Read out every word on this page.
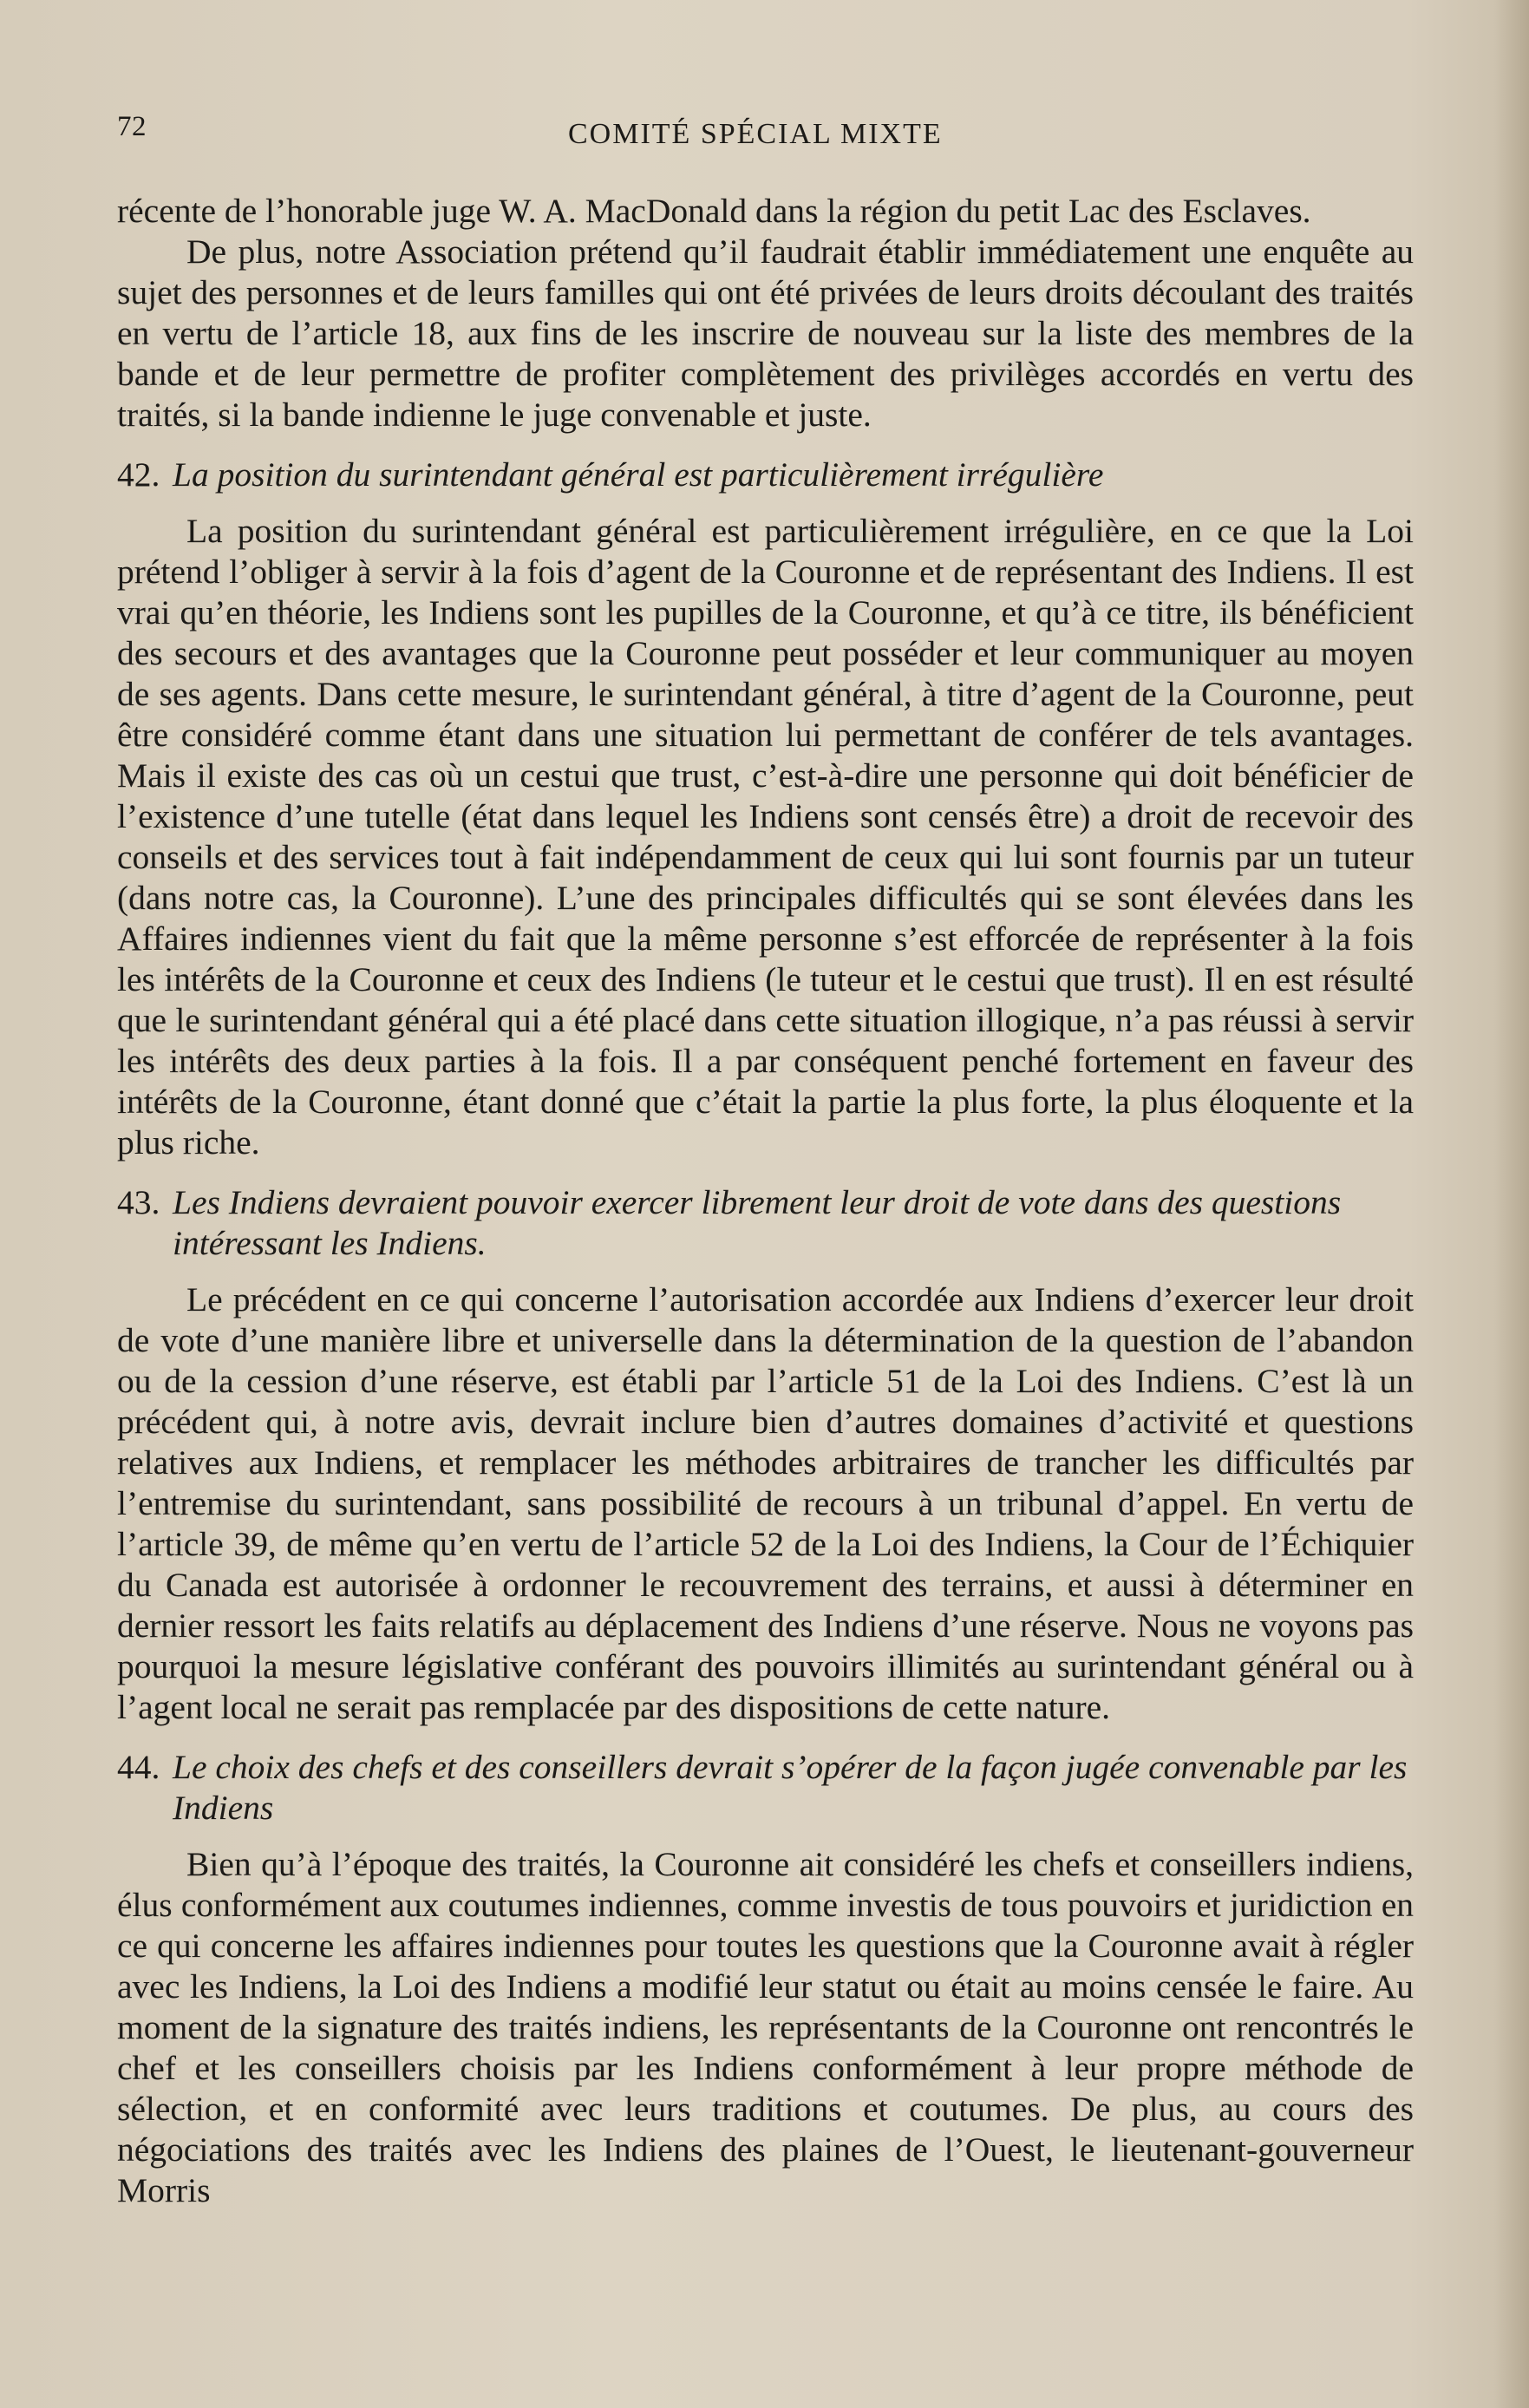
72	COMITÉ SPÉCIAL MIXTE

récente de l’honorable juge W. A. MacDonald dans la région du petit Lac des Esclaves.

De plus, notre Association prétend qu’il faudrait établir immédiatement une enquête au sujet des personnes et de leurs familles qui ont été privées de leurs droits découlant des traités en vertu de l’article 18, aux fins de les inscrire de nouveau sur la liste des membres de la bande et de leur permettre de profiter complètement des privilèges accordés en vertu des traités, si la bande indienne le juge convenable et juste.

42. La position du surintendant général est particulièrement irrégulière

La position du surintendant général est particulièrement irrégulière, en ce que la Loi prétend l’obliger à servir à la fois d’agent de la Couronne et de représentant des Indiens. Il est vrai qu’en théorie, les Indiens sont les pupilles de la Couronne, et qu’à ce titre, ils bénéficient des secours et des avantages que la Couronne peut posséder et leur communiquer au moyen de ses agents. Dans cette mesure, le surintendant général, à titre d’agent de la Couronne, peut être considéré comme étant dans une situation lui permettant de conférer de tels avantages. Mais il existe des cas où un cestui que trust, c’est-à-dire une personne qui doit bénéficier de l’existence d’une tutelle (état dans lequel les Indiens sont censés être) a droit de recevoir des conseils et des services tout à fait indépendamment de ceux qui lui sont fournis par un tuteur (dans notre cas, la Couronne). L’une des principales difficultés qui se sont élevées dans les Affaires indiennes vient du fait que la même personne s’est efforcée de représenter à la fois les intérêts de la Couronne et ceux des Indiens (le tuteur et le cestui que trust). Il en est résulté que le surintendant général qui a été placé dans cette situation illogique, n’a pas réussi à servir les intérêts des deux parties à la fois. Il a par conséquent penché fortement en faveur des intérêts de la Couronne, étant donné que c’était la partie la plus forte, la plus éloquente et la plus riche.

43. Les Indiens devraient pouvoir exercer librement leur droit de vote dans des questions intéressant les Indiens.

Le précédent en ce qui concerne l’autorisation accordée aux Indiens d’exercer leur droit de vote d’une manière libre et universelle dans la détermination de la question de l’abandon ou de la cession d’une réserve, est établi par l’article 51 de la Loi des Indiens. C’est là un précédent qui, à notre avis, devrait inclure bien d’autres domaines d’activité et questions relatives aux Indiens, et remplacer les méthodes arbitraires de trancher les difficultés par l’entremise du surintendant, sans possibilité de recours à un tribunal d’appel. En vertu de l’article 39, de même qu’en vertu de l’article 52 de la Loi des Indiens, la Cour de l’Échiquier du Canada est autorisée à ordonner le recouvrement des terrains, et aussi à déterminer en dernier ressort les faits relatifs au déplacement des Indiens d’une réserve. Nous ne voyons pas pourquoi la mesure législative conférant des pouvoirs illimités au surintendant général ou à l’agent local ne serait pas remplacée par des dispositions de cette nature.

44. Le choix des chefs et des conseillers devrait s’opérer de la façon jugée convenable par les Indiens

Bien qu’à l’époque des traités, la Couronne ait considéré les chefs et conseillers indiens, élus conformément aux coutumes indiennes, comme investis de tous pouvoirs et juridiction en ce qui concerne les affaires indiennes pour toutes les questions que la Couronne avait à régler avec les Indiens, la Loi des Indiens a modifié leur statut ou était au moins censée le faire. Au moment de la signature des traités indiens, les représentants de la Couronne ont rencontrés le chef et les conseillers choisis par les Indiens conformément à leur propre méthode de sélection, et en conformité avec leurs traditions et coutumes. De plus, au cours des négociations des traités avec les Indiens des plaines de l’Ouest, le lieutenant-gouverneur Morris
